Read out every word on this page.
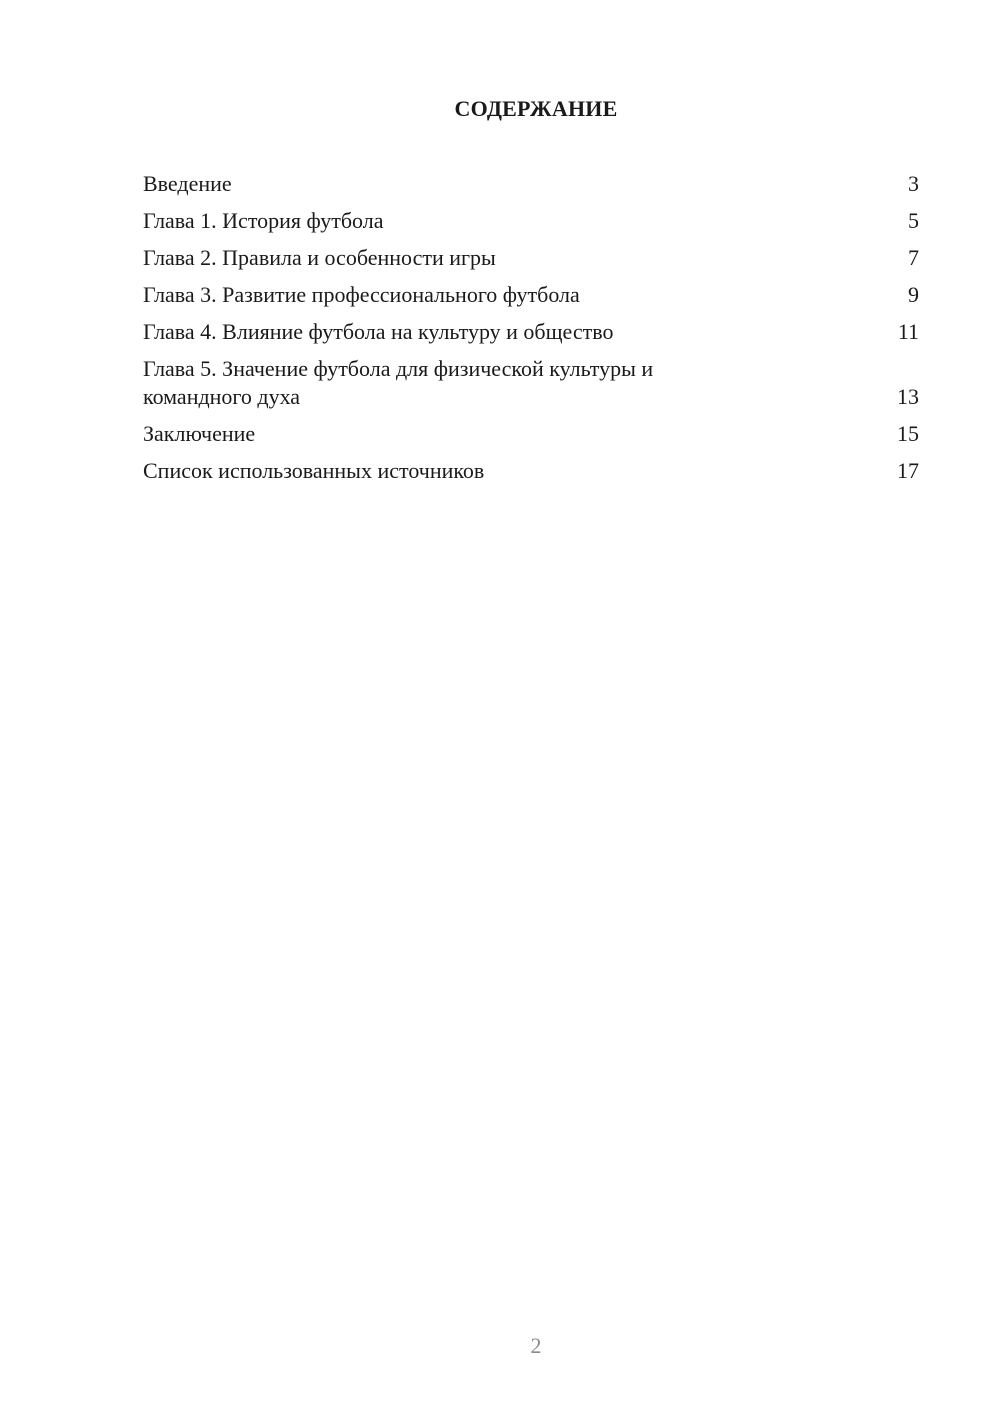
СОДЕРЖАНИЕ
Введение	3
Глава 1. История футбола	5
Глава 2. Правила и особенности игры	7
Глава 3. Развитие профессионального футбола	9
Глава 4. Влияние футбола на культуру и общество	11
Глава 5. Значение футбола для физической культуры и командного духа	13
Заключение	15
Список использованных источников	17
2
